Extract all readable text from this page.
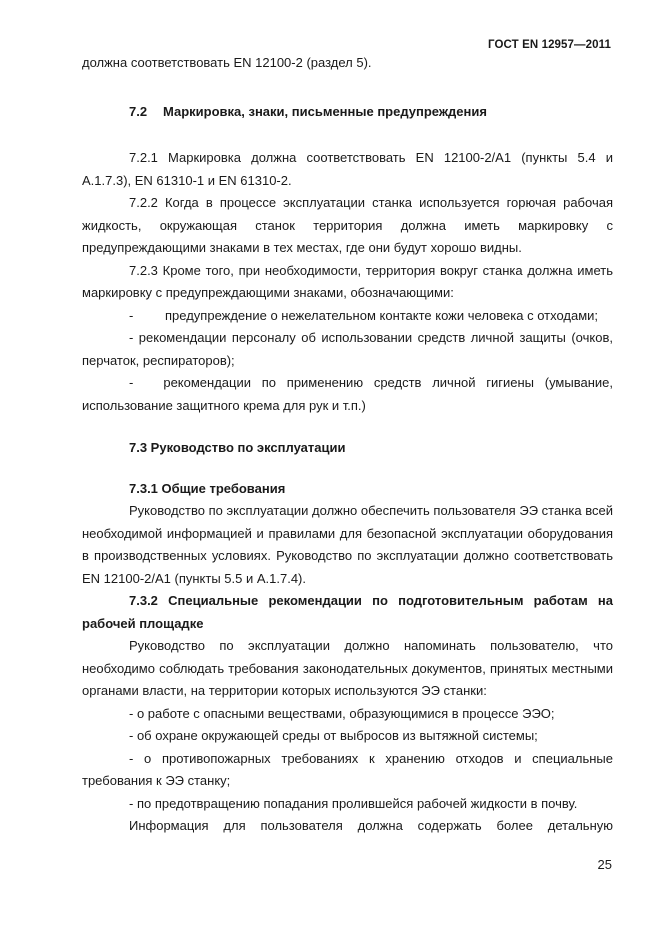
ГОСТ EN 12957—2011

должна соответствовать EN 12100-2 (раздел 5).

7.2 Маркировка, знаки, письменные предупреждения

7.2.1 Маркировка должна соответствовать EN 12100-2/A1 (пункты 5.4 и A.1.7.3), EN 61310-1 и EN 61310-2.

7.2.2 Когда в процессе эксплуатации станка используется горючая рабочая жидкость, окружающая станок территория должна иметь маркировку с предупреждающими знаками в тех местах, где они будут хорошо видны.

7.2.3 Кроме того, при необходимости, территория вокруг станка должна иметь маркировку с предупреждающими знаками, обозначающими:

-	предупреждение о нежелательном контакте кожи человека с отходами;

- рекомендации персоналу об использовании средств личной защиты (очков, перчаток, респираторов);

- рекомендации по применению средств личной гигиены (умывание, использование защитного крема для рук и т.п.)

7.3 Руководство по эксплуатации

7.3.1 Общие требования

Руководство по эксплуатации должно обеспечить пользователя ЭЭ станка всей необходимой информацией и правилами для безопасной эксплуатации оборудования в производственных условиях. Руководство по эксплуатации должно соответствовать EN 12100-2/A1 (пункты 5.5 и A.1.7.4).

7.3.2 Специальные рекомендации по подготовительным работам на рабочей площадке

Руководство по эксплуатации должно напоминать пользователю, что необходимо соблюдать требования законодательных документов, принятых местными органами власти, на территории которых используются ЭЭ станки:

- о работе с опасными веществами, образующимися в процессе ЭЭО;

- об охране окружающей среды от выбросов из вытяжной системы;

- о противопожарных требованиях к хранению отходов и специальные требования к ЭЭ станку;

- по предотвращению попадания пролившейся рабочей жидкости в почву.

Информация для пользователя должна содержать более детальную

25
